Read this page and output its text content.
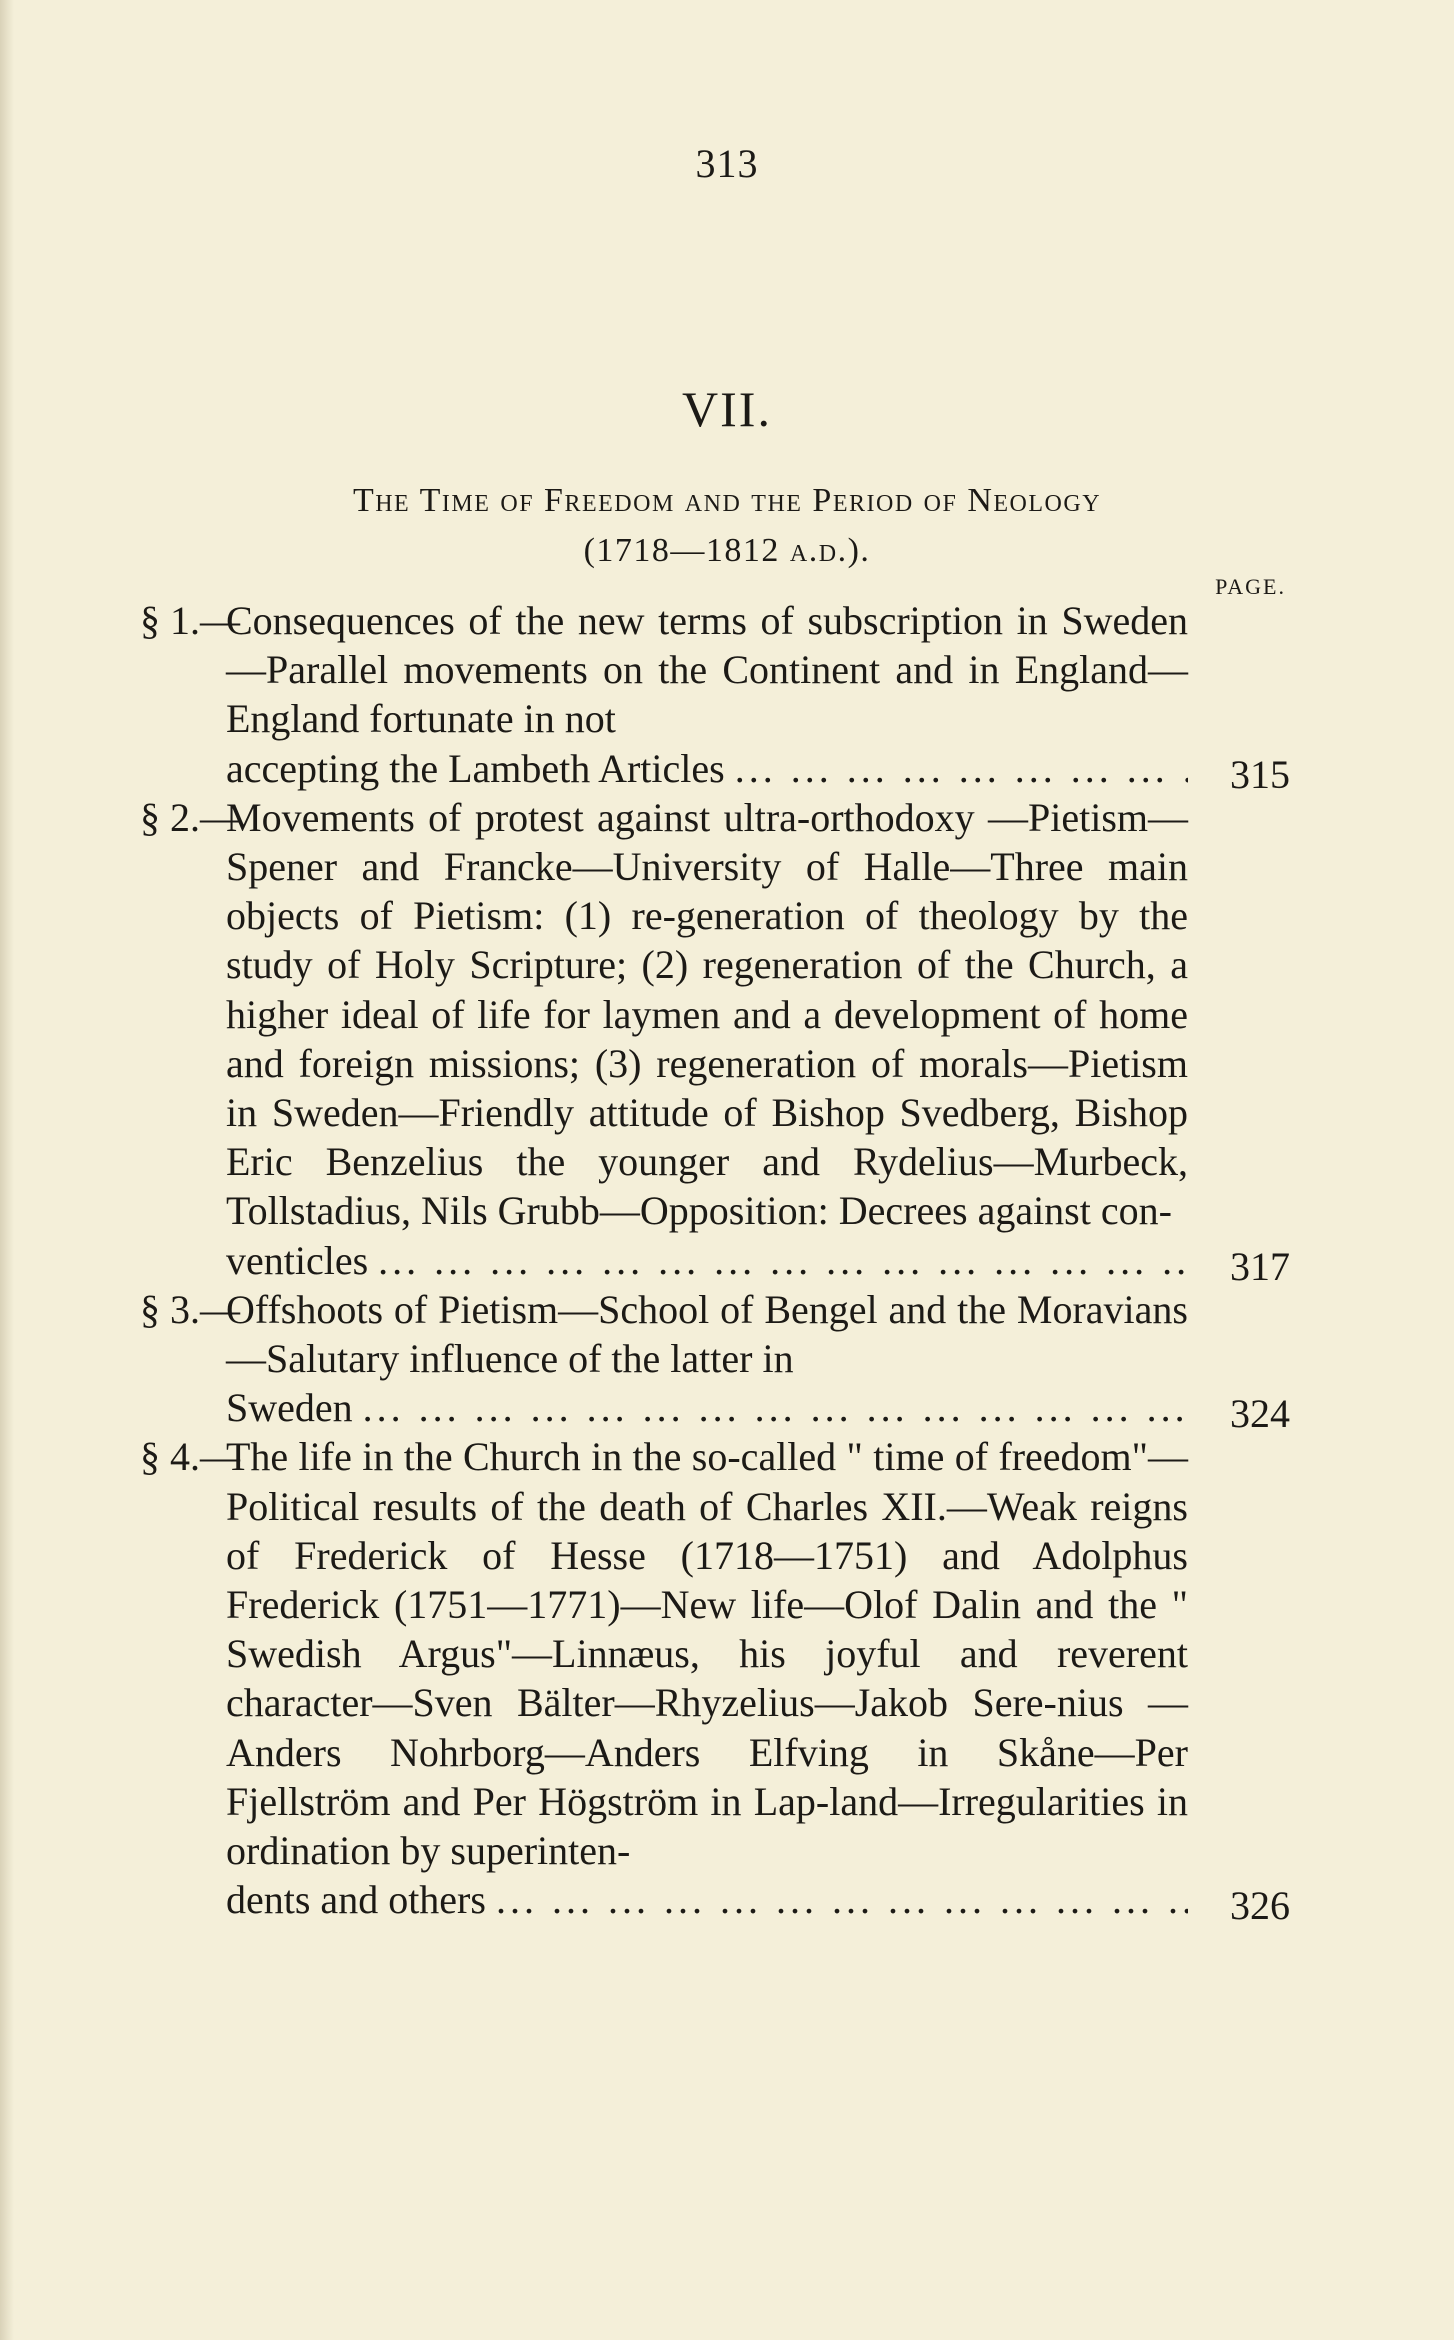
313
VII.
The Time of Freedom and the Period of Neology
(1718—1812 a.d.).
PAGE.
§ 1.—
Consequences of the new terms of subscription in Sweden—Parallel movements on the Continent and in England—England fortunate in not
accepting the Lambeth Articles ... .	315
§ 2.—
Movements of protest against ultra-orthodoxy —Pietism—Spener and Francke—University of Halle—Three main objects of Pietism: (1) re-generation of theology by the study of Holy Scripture; (2) regeneration of the Church, a higher ideal of life for laymen and a development of home and foreign missions; (3) regeneration of morals—Pietism in Sweden—Friendly attitude of Bishop Svedberg, Bishop Eric Benzelius the younger and Rydelius—Murbeck, Tollstadius, Nils Grubb—Opposition: Decrees against con-
venticles ... .	317
§ 3.—
Offshoots of Pietism—School of Bengel and the Moravians—Salutary influence of the latter in
Sweden ... .	324
§ 4.—
The life in the Church in the so-called " time of freedom"—Political results of the death of Charles XII.—Weak reigns of Frederick of Hesse (1718—1751) and Adolphus Frederick (1751—1771)—New life—Olof Dalin and the " Swedish Argus"—Linnæus, his joyful and reverent character—Sven Bälter—Rhyzelius—Jakob Sere-nius — Anders Nohrborg—Anders Elfving in Skåne—Per Fjellström and Per Högström in Lap-land—Irregularities in ordination by superinten-
dents and others ... .	326
